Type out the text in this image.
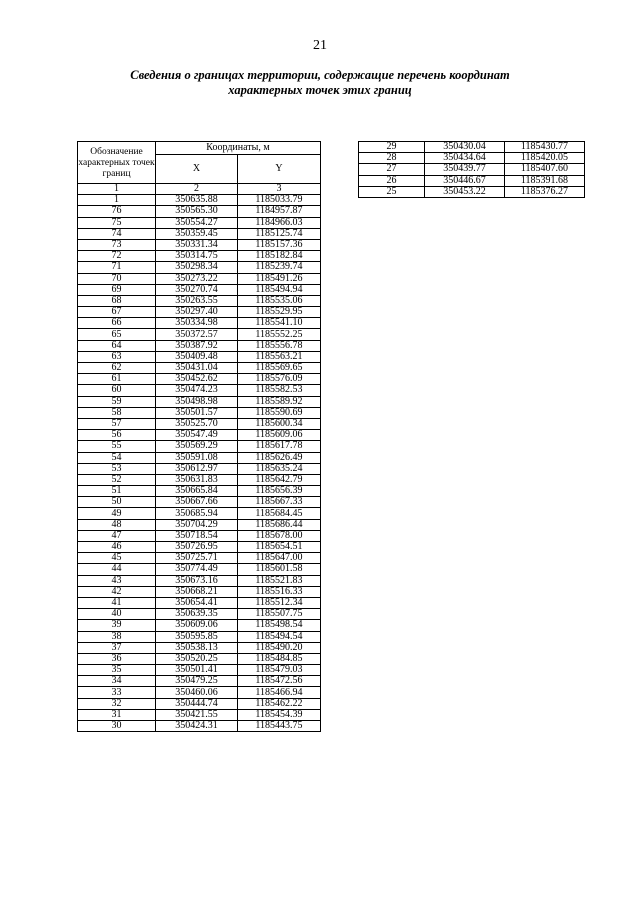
21
Сведения о границах территории, содержащие перечень координат
характерных точек этих границ
Обозначение характерных точек границ	Координаты, м	
	X	Y
1	2	3
1	350635.88	1185033.79
76	350565.30	1184957.87
75	350554.27	1184966.03
74	350359.45	1185125.74
73	350331.34	1185157.36
72	350314.75	1185182.84
71	350298.34	1185239.74
70	350273.22	1185491.26
69	350270.74	1185494.94
68	350263.55	1185535.06
67	350297.40	1185529.95
66	350334.98	1185541.10
65	350372.57	1185552.25
64	350387.92	1185556.78
63	350409.48	1185563.21
62	350431.04	1185569.65
61	350452.62	1185576.09
60	350474.23	1185582.53
59	350498.98	1185589.92
58	350501.57	1185590.69
57	350525.70	1185600.34
56	350547.49	1185609.06
55	350569.29	1185617.78
54	350591.08	1185626.49
53	350612.97	1185635.24
52	350631.83	1185642.79
51	350665.84	1185656.39
50	350667.66	1185667.33
49	350685.94	1185684.45
48	350704.29	1185686.44
47	350718.54	1185678.00
46	350726.95	1185654.51
45	350725.71	1185647.00
44	350774.49	1185601.58
43	350673.16	1185521.83
42	350668.21	1185516.33
41	350654.41	1185512.34
40	350639.35	1185507.75
39	350609.06	1185498.54
38	350595.85	1185494.54
37	350538.13	1185490.20
36	350520.25	1185484.85
35	350501.41	1185479.03
34	350479.25	1185472.56
33	350460.06	1185466.94
32	350444.74	1185462.22
31	350421.55	1185454.39
30	350424.31	1185443.75
29	350430.04	1185430.77
28	350434.64	1185420.05
27	350439.77	1185407.60
26	350446.67	1185391.68
25	350453.22	1185376.27
